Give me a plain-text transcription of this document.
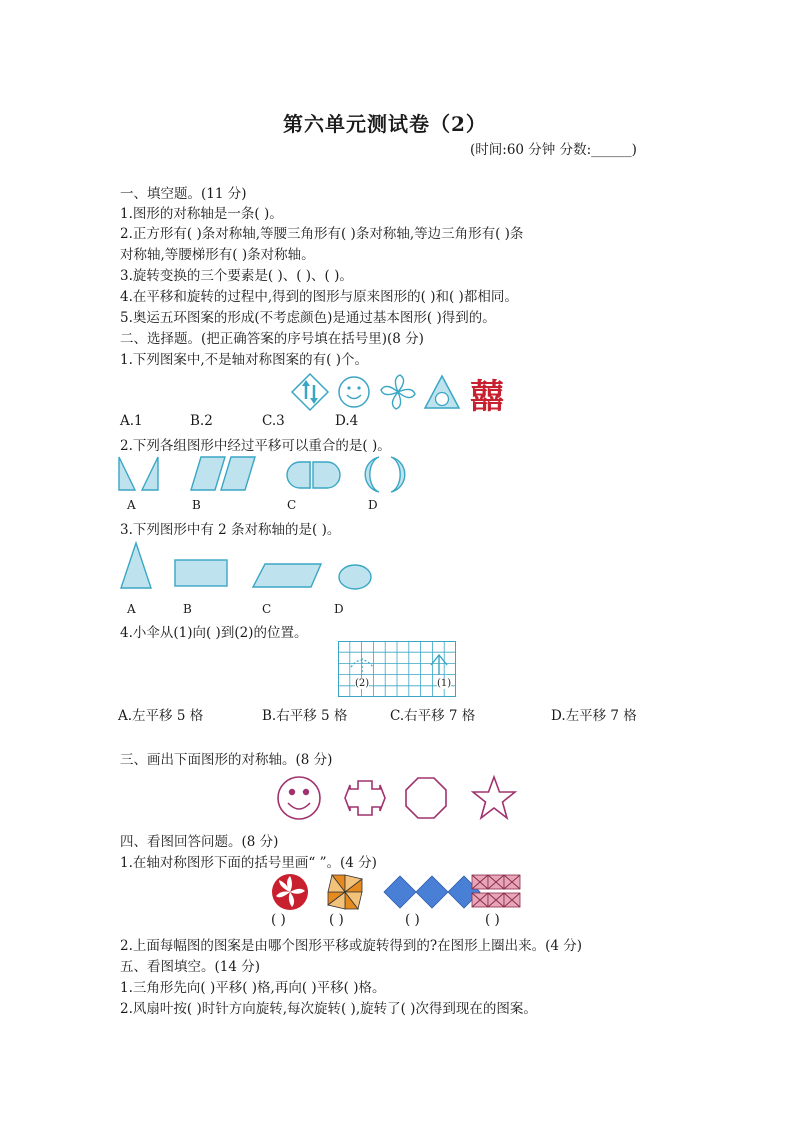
第六单元测试卷（2）
(时间:60 分钟 分数:______)
一、填空题。(11 分)
1.图形的对称轴是一条( )。
2.正方形有( )条对称轴,等腰三角形有( )条对称轴,等边三角形有( )条
对称轴,等腰梯形有( )条对称轴。
3.旋转变换的三个要素是( )、( )、( )。
4.在平移和旋转的过程中,得到的图形与原来图形的( )和( )都相同。
5.奥运五环图案的形成(不考虑颜色)是通过基本图形( )得到的。
二、选择题。(把正确答案的序号填在括号里)(8 分)
1.下列图案中,不是轴对称图案的有( )个。
囍
A.1	B.2	C.3	D.4
2.下列各组图形中经过平移可以重合的是( )。
A	B	C	D
3.下列图形中有 2 条对称轴的是( )。
A	B	C	D
4.小伞从(1)向( )到(2)的位置。
(2)	(1)
A.左平移 5 格	B.右平移 5 格	C.右平移 7 格	D.左平移 7 格
三、画出下面图形的对称轴。(8 分)
四、看图回答问题。(8 分)
1.在轴对称图形下面的括号里画“ ”。(4 分)
( )	( )	( )	( )
2.上面每幅图的图案是由哪个图形平移或旋转得到的?在图形上圈出来。(4 分)
五、看图填空。(14 分)
1.三角形先向( )平移( )格,再向( )平移( )格。
2.风扇叶按( )时针方向旋转,每次旋转( ),旋转了( )次得到现在的图案。
